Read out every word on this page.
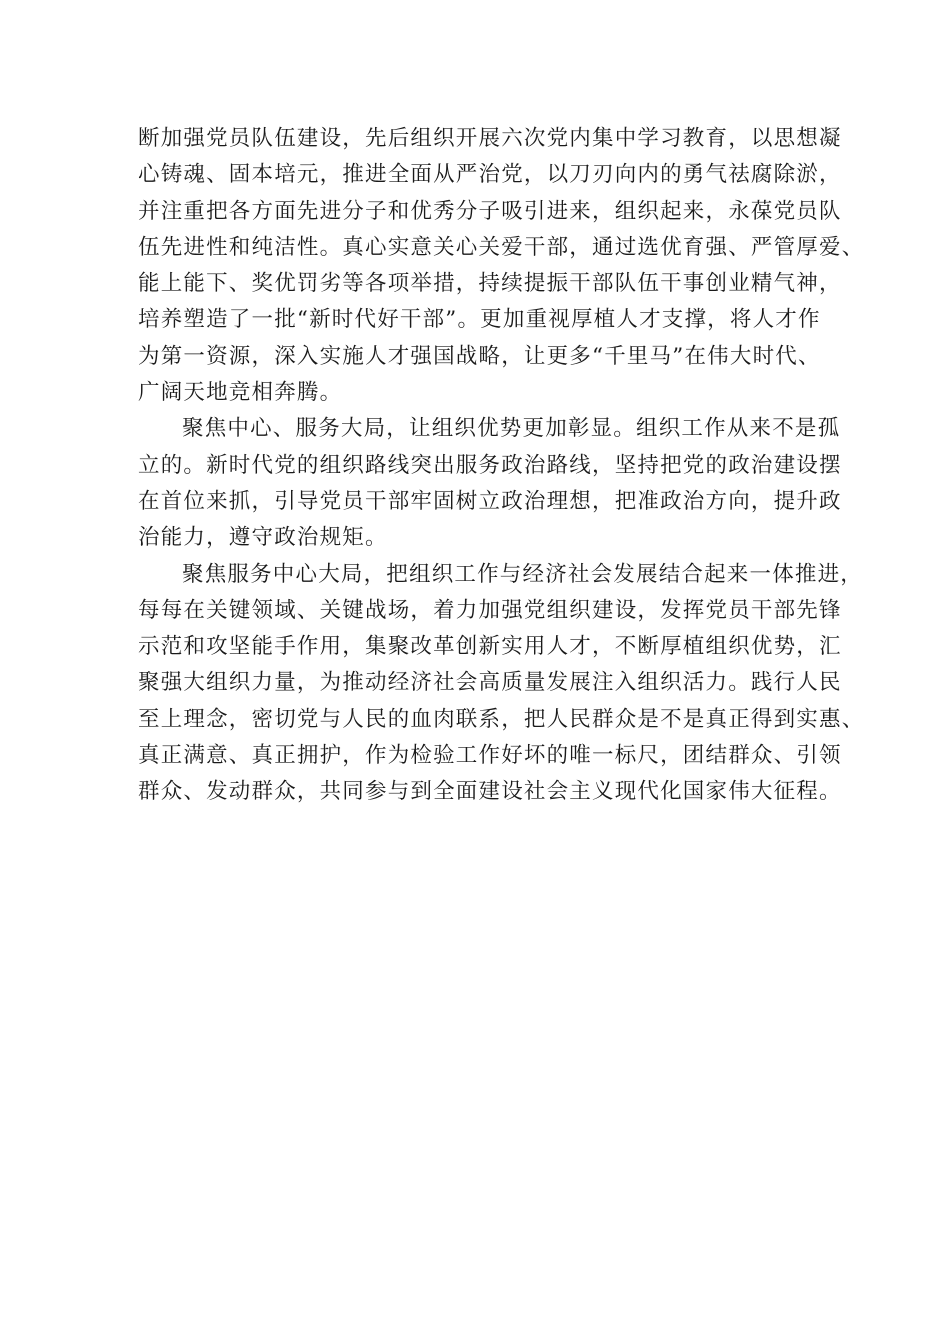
断加强党员队伍建设，先后组织开展六次党内集中学习教育，以思想凝
心铸魂、固本培元，推进全面从严治党，以刀刃向内的勇气祛腐除淤，
并注重把各方面先进分子和优秀分子吸引进来，组织起来，永葆党员队
伍先进性和纯洁性。真心实意关心关爱干部，通过选优育强、严管厚爱、
能上能下、奖优罚劣等各项举措，持续提振干部队伍干事创业精气神，
培养塑造了一批“新时代好干部”。更加重视厚植人才支撑，将人才作
为第一资源，深入实施人才强国战略，让更多“千里马”在伟大时代、
广阔天地竞相奔腾。
聚焦中心、服务大局，让组织优势更加彰显。组织工作从来不是孤
立的。新时代党的组织路线突出服务政治路线，坚持把党的政治建设摆
在首位来抓，引导党员干部牢固树立政治理想，把准政治方向，提升政
治能力，遵守政治规矩。
聚焦服务中心大局，把组织工作与经济社会发展结合起来一体推进，
每每在关键领域、关键战场，着力加强党组织建设，发挥党员干部先锋
示范和攻坚能手作用，集聚改革创新实用人才，不断厚植组织优势，汇
聚强大组织力量，为推动经济社会高质量发展注入组织活力。践行人民
至上理念，密切党与人民的血肉联系，把人民群众是不是真正得到实惠、
真正满意、真正拥护，作为检验工作好坏的唯一标尺，团结群众、引领
群众、发动群众，共同参与到全面建设社会主义现代化国家伟大征程。
